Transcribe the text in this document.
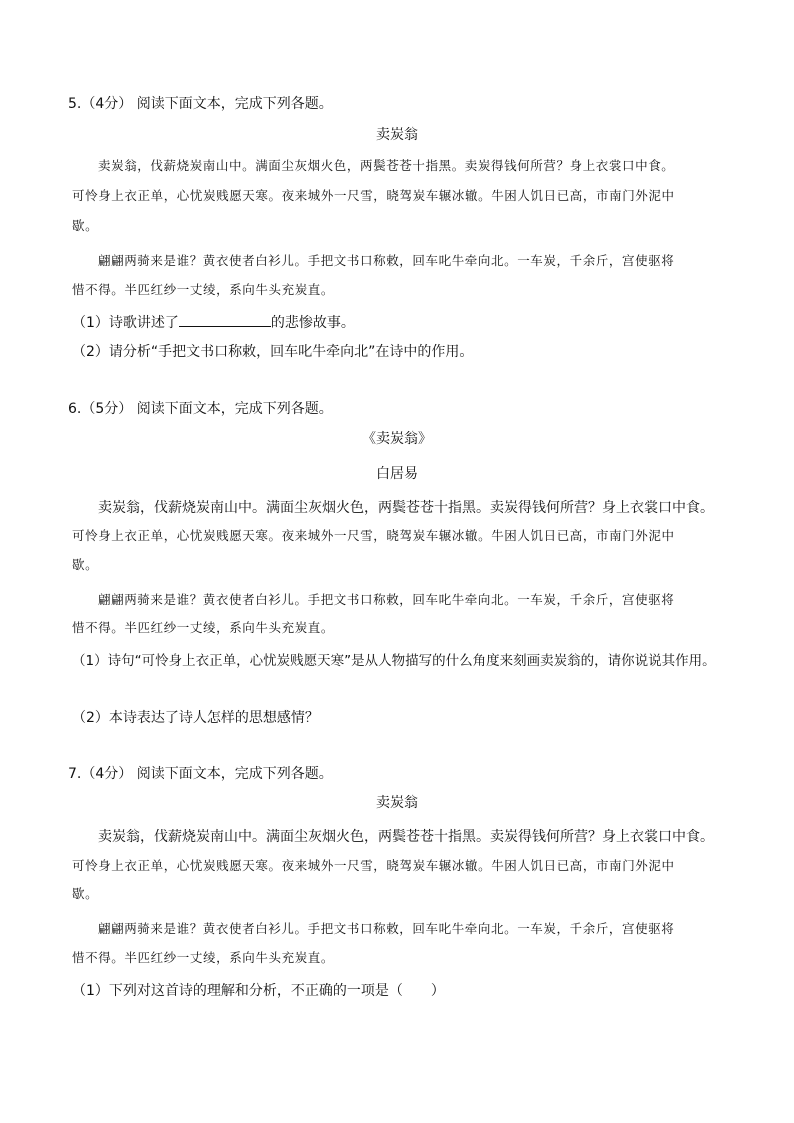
5.（4分） 阅读下面文本，完成下列各题。
卖炭翁
卖炭翁，伐薪烧炭南山中。满面尘灰烟火色，两鬓苍苍十指黑。卖炭得钱何所营？身上衣裳口中食。
可怜身上衣正单，心忧炭贱愿天寒。夜来城外一尺雪，晓驾炭车辗冰辙。牛困人饥日已高，市南门外泥中
歇。
翩翩两骑来是谁？黄衣使者白衫儿。手把文书口称敕，回车叱牛牵向北。一车炭，千余斤，宫使驱将
惜不得。半匹红纱一丈绫，系向牛头充炭直。
（1）诗歌讲述了	的悲惨故事。
（2）请分析“手把文书口称敕，回车叱牛牵向北”在诗中的作用。
6.（5分） 阅读下面文本，完成下列各题。
《卖炭翁》
白居易
卖炭翁，伐薪烧炭南山中。满面尘灰烟火色，两鬓苍苍十指黑。卖炭得钱何所营？身上衣裳口中食。
可怜身上衣正单，心忧炭贱愿天寒。夜来城外一尺雪，晓驾炭车辗冰辙。牛困人饥日已高，市南门外泥中
歇。
翩翩两骑来是谁？黄衣使者白衫儿。手把文书口称敕，回车叱牛牵向北。一车炭，千余斤，宫使驱将
惜不得。半匹红纱一丈绫，系向牛头充炭直。
（1）诗句“可怜身上衣正单，心忧炭贱愿天寒”是从人物描写的什么角度来刻画卖炭翁的，请你说说其作用。
（2）本诗表达了诗人怎样的思想感情？
7.（4分） 阅读下面文本，完成下列各题。
卖炭翁
卖炭翁，伐薪烧炭南山中。满面尘灰烟火色，两鬓苍苍十指黑。卖炭得钱何所营？身上衣裳口中食。
可怜身上衣正单，心忧炭贱愿天寒。夜来城外一尺雪，晓驾炭车辗冰辙。牛困人饥日已高，市南门外泥中
歇。
翩翩两骑来是谁？黄衣使者白衫儿。手把文书口称敕，回车叱牛牵向北。一车炭，千余斤，宫使驱将
惜不得。半匹红纱一丈绫，系向牛头充炭直。
（1）下列对这首诗的理解和分析，不正确的一项是（　　）
